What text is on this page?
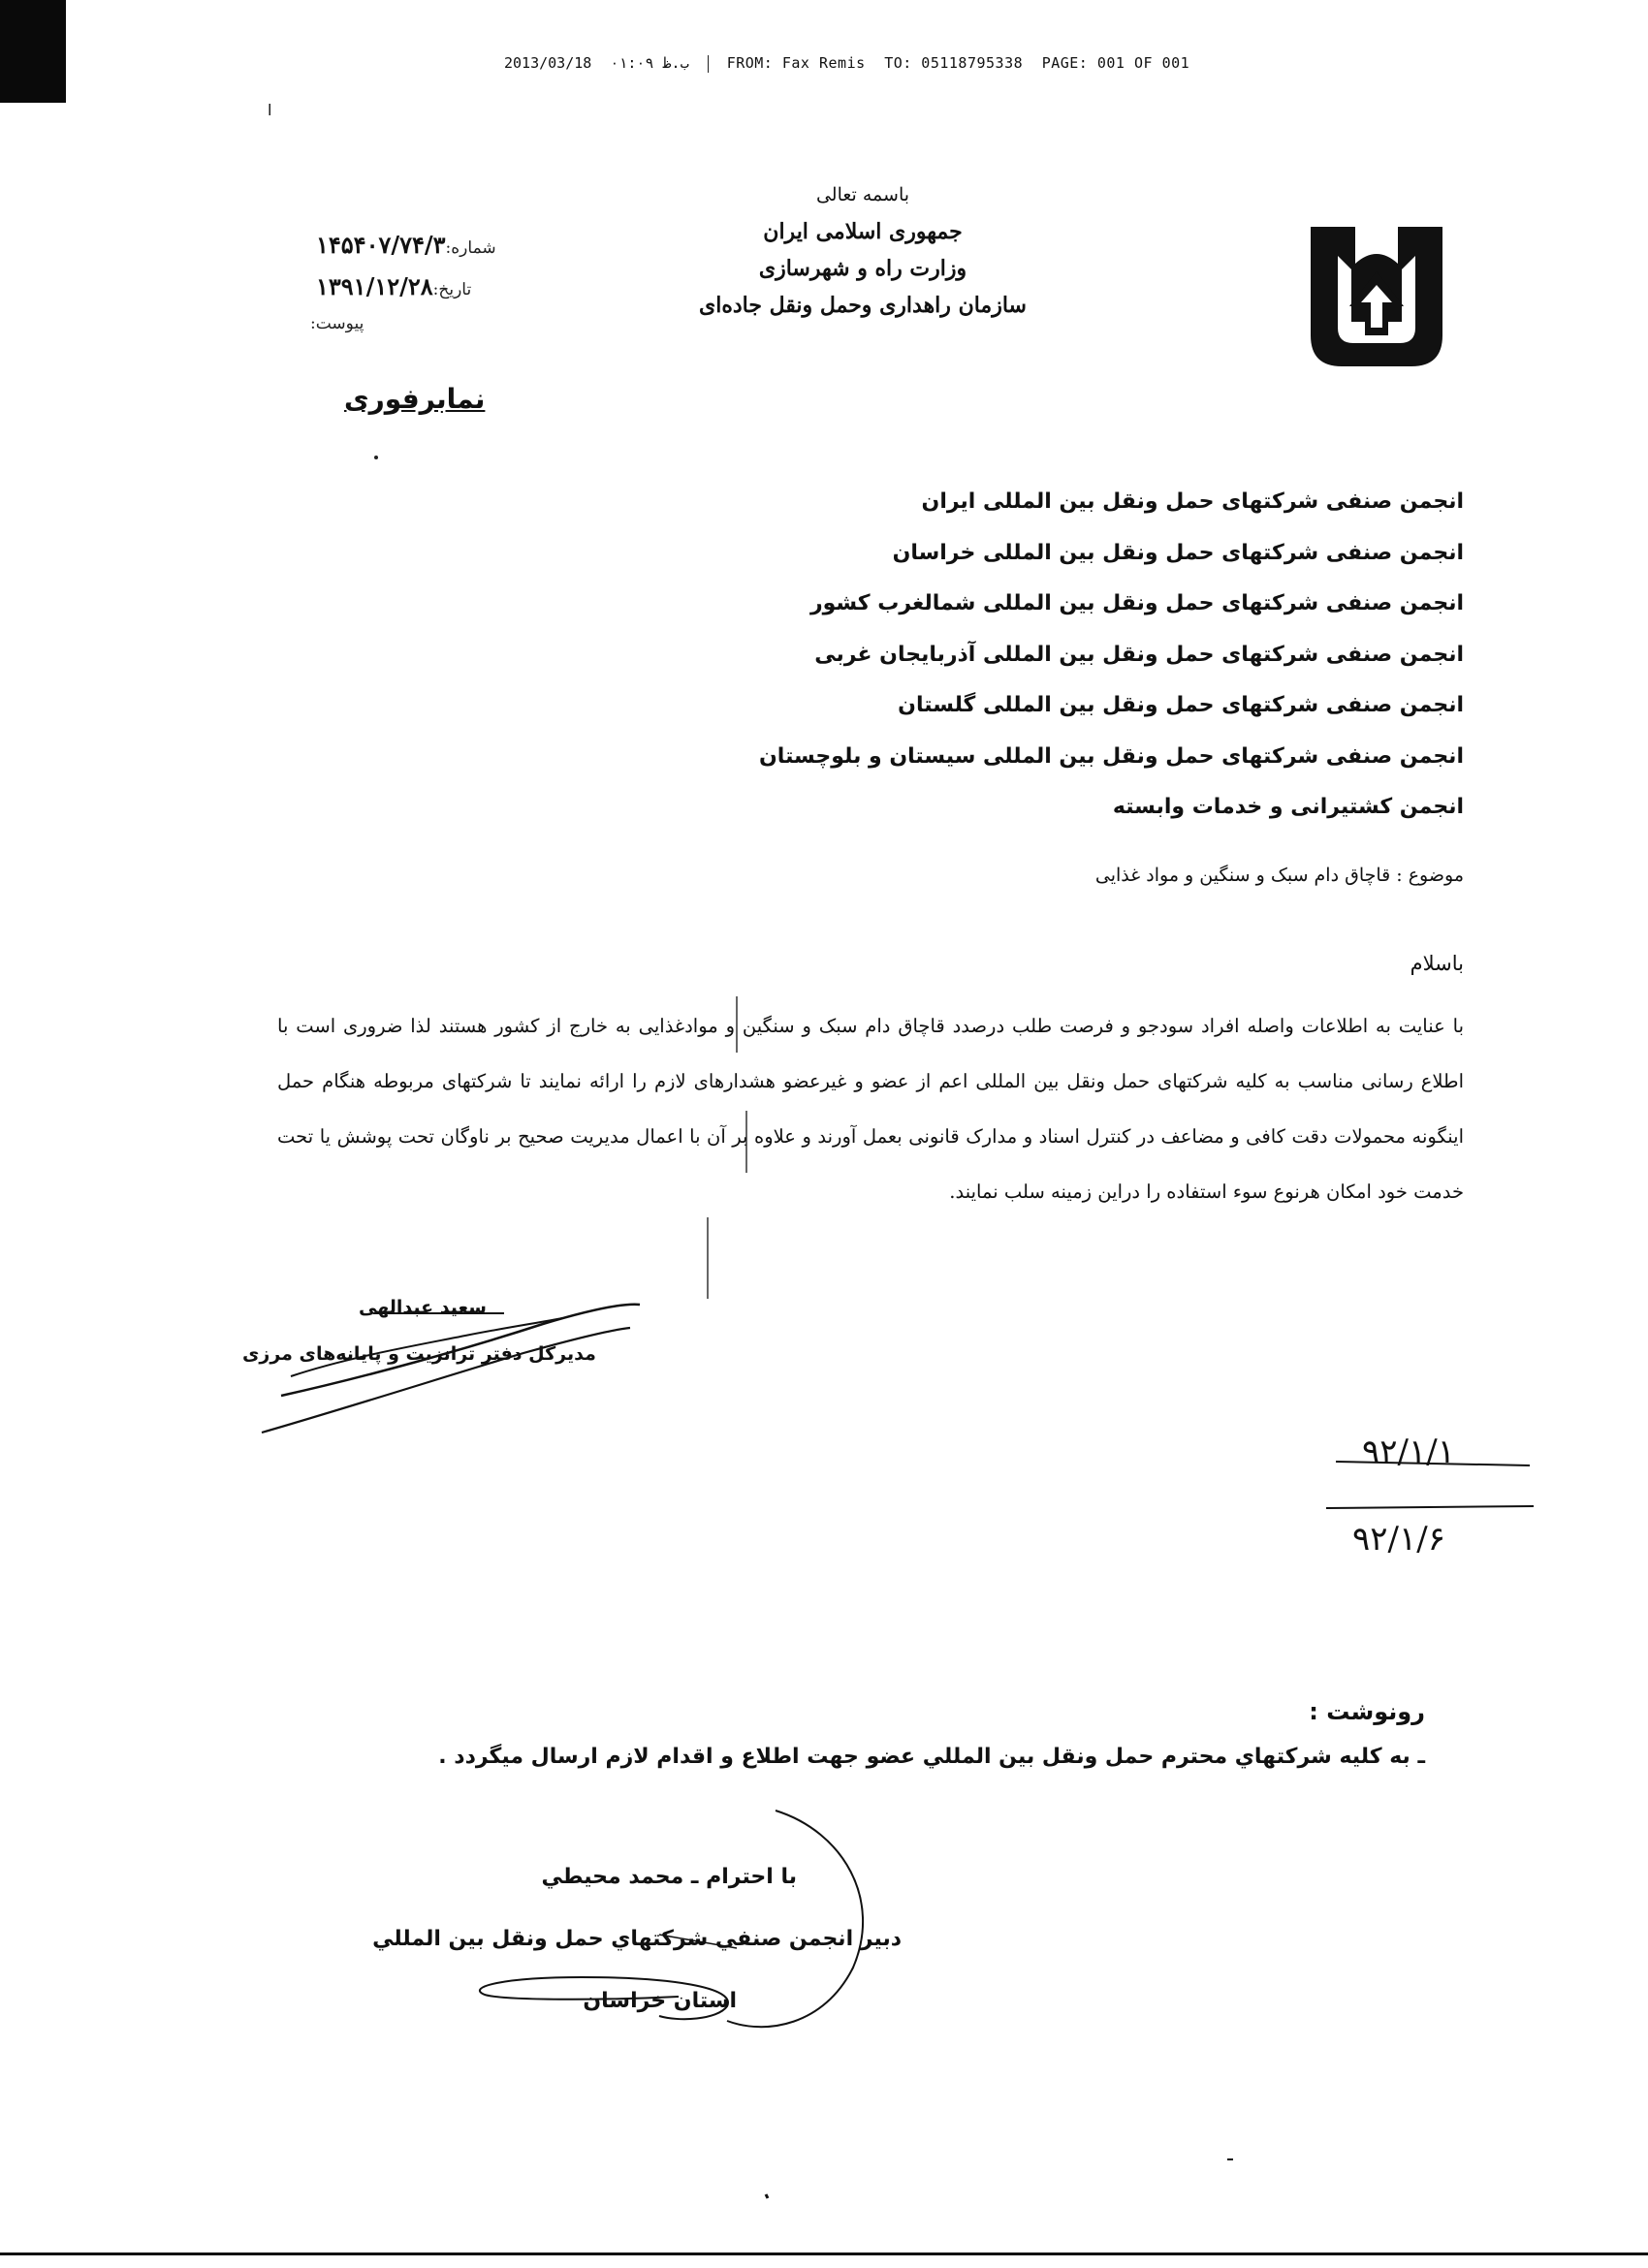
2013/03/18 ب.ظ ۰۱:۰۹	FROM: Fax Remis TO: 05118795338 PAGE: 001 OF 001
ا
باسمه تعالی
جمهوری اسلامی ایران
وزارت راه و شهرسازی
سازمان راهداری وحمل ونقل جاده‌ای
شماره:
۱۴۵۴۰۷/۷۴/۳
تاریخ:
۱۳۹۱/۱۲/۲۸
پیوست:
نمابرفوری
انجمن صنفی شرکتهای حمل ونقل بین المللی ایران
انجمن صنفی شرکتهای حمل ونقل بین المللی خراسان
انجمن صنفی شرکتهای حمل ونقل بین المللی شمالغرب کشور
انجمن صنفی شرکتهای حمل ونقل بین المللی آذربایجان غربی
انجمن صنفی شرکتهای حمل ونقل بین المللی گلستان
انجمن صنفی شرکتهای حمل ونقل بین المللی سیستان و بلوچستان
انجمن کشتیرانی و خدمات وابسته
موضوع : قاچاق دام سبک و سنگین و مواد غذایی
باسلام
با عنایت به اطلاعات واصله افراد سودجو و فرصت طلب درصدد قاچاق دام سبک و سنگین و موادغذایی به خارج از کشور هستند لذا ضروری است با اطلاع رسانی مناسب به کلیه شرکتهای حمل ونقل بین المللی اعم از عضو و غیرعضو هشدارهای لازم را ارائه نمایند تا شرکتهای مربوطه هنگام حمل اینگونه محمولات دقت کافی و مضاعف در کنترل اسناد و مدارک قانونی بعمل آورند و علاوه بر آن با اعمال مدیریت صحیح بر ناوگان تحت پوشش یا تحت خدمت خود امکان هرنوع سوء استفاده را دراین زمینه سلب نمایند.
سعید عبدالهی
مدیرکل دفتر ترانزیت و پایانه‌های مرزی
۹۲/۱/۱
۹۲/۱/۶
رونوشت :
ـ به کلیه شرکتهاي محترم حمل ونقل بین المللي عضو جهت اطلاع و اقدام لازم ارسال میگردد .
با احترام ـ محمد محیطي
دبیر انجمن صنفي شرکتهاي حمل ونقل بین المللي
استان خراسان
